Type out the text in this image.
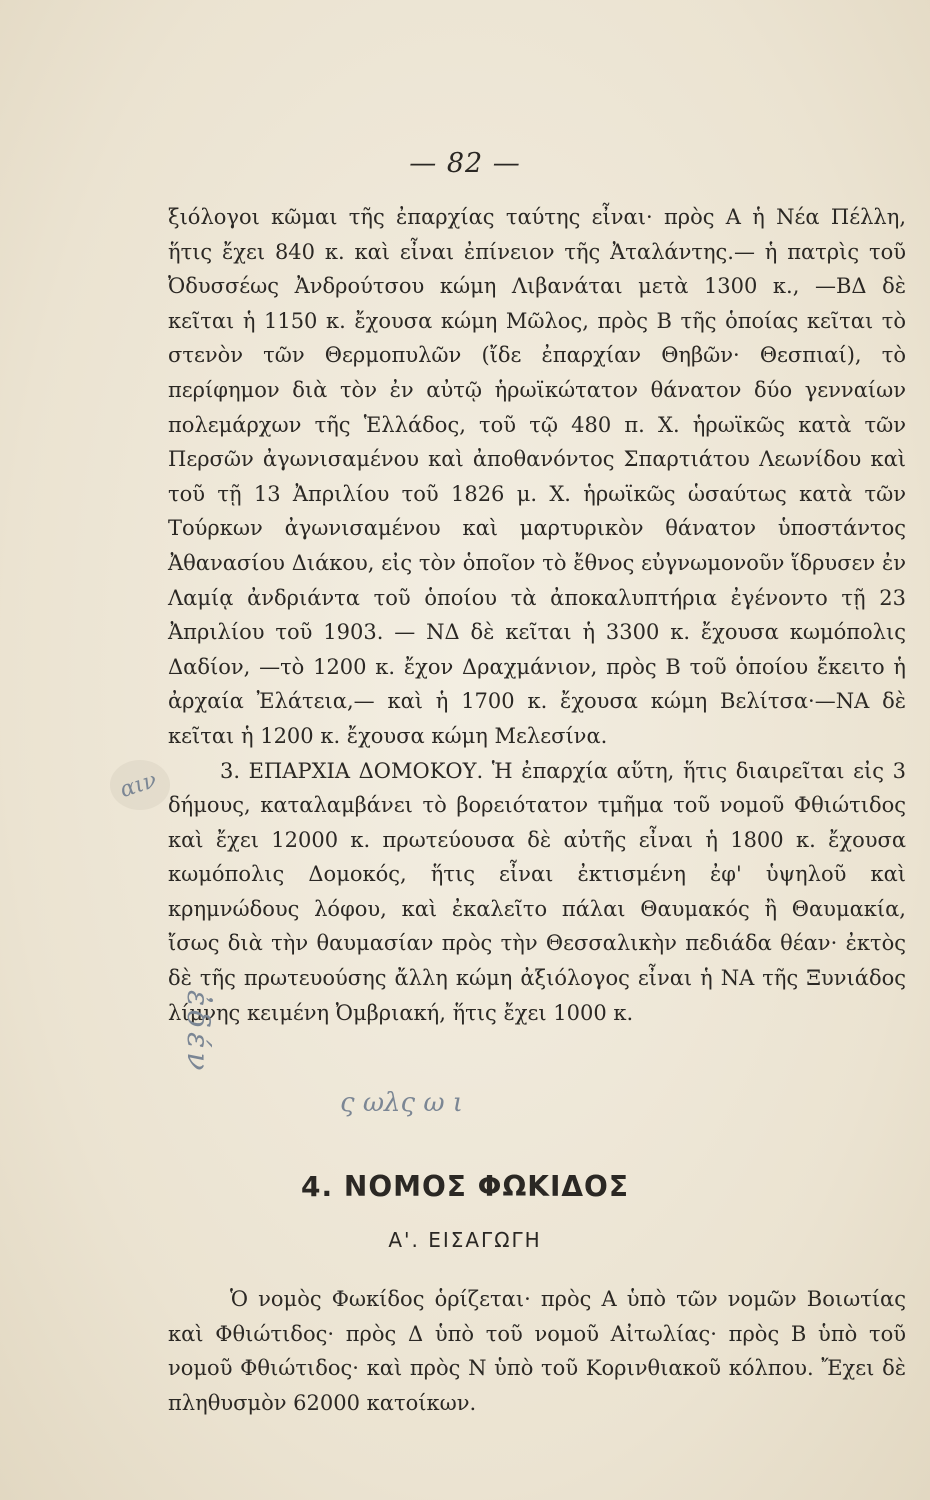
— 82 —

ξιόλογοι κῶμαι τῆς ἐπαρχίας ταύτης εἶναι· πρὸς Α ἡ Νέα Πέλλη, ἥτις ἔχει 840 κ. καὶ εἶναι ἐπίνειον τῆς Ἀταλάντης.— ἡ πατρὶς τοῦ Ὀδυσσέως Ἀνδρούτσου κώμη Λιβανάται μετὰ 1300 κ., —ΒΔ δὲ κεῖται ἡ 1150 κ. ἔχουσα κώμη Μῶλος, πρὸς Β τῆς ὁποίας κεῖται τὸ στενὸν τῶν Θερμοπυλῶν (ἴδε ἐπαρχίαν Θηβῶν· Θεσπιαί), τὸ περίφημον διὰ τὸν ἐν αὐτῷ ἡρωϊκώτατον θάνατον δύο γενναίων πολεμάρχων τῆς Ἑλλάδος, τοῦ τῷ 480 π. Χ. ἡρωϊκῶς κατὰ τῶν Περσῶν ἀγωνισαμένου καὶ ἀποθανόντος Σπαρτιάτου Λεωνίδου καὶ τοῦ τῇ 13 Ἀπριλίου τοῦ 1826 μ. Χ. ἡρωϊκῶς ὡσαύτως κατὰ τῶν Τούρκων ἀγωνισαμένου καὶ μαρτυρικὸν θάνατον ὑποστάντος Ἀθανασίου Διάκου, εἰς τὸν ὁποῖον τὸ ἔθνος εὐγνωμονοῦν ἵδρυσεν ἐν Λαμίᾳ ἀνδριάντα τοῦ ὁποίου τὰ ἀποκαλυπτήρια ἐγένοντο τῇ 23 Ἀπριλίου τοῦ 1903. — ΝΔ δὲ κεῖται ἡ 3300 κ. ἔχουσα κωμόπολις Δαδίον, —τὸ 1200 κ. ἔχον Δραχμάνιον, πρὸς Β τοῦ ὁποίου ἔκειτο ἡ ἀρχαία Ἐλάτεια,— καὶ ἡ 1700 κ. ἔχουσα κώμη Βελίτσα·—ΝΑ δὲ κεῖται ἡ 1200 κ. ἔχουσα κώμη Μελεσίνα.

3. ΕΠΑΡΧΙΑ ΔΟΜΟΚΟΥ. Ἡ ἐπαρχία αὕτη, ἥτις διαιρεῖται εἰς 3 δήμους, καταλαμβάνει τὸ βορειότατον τμῆμα τοῦ νομοῦ Φθιώτιδος καὶ ἔχει 12000 κ. πρωτεύουσα δὲ αὐτῆς εἶναι ἡ 1800 κ. ἔχουσα κωμόπολις Δομοκός, ἥτις εἶναι ἐκτισμένη ἐφ' ὑψηλοῦ καὶ κρημνώδους λόφου, καὶ ἐκαλεῖτο πάλαι Θαυμακός ἢ Θαυμακία, ἴσως διὰ τὴν θαυμασίαν πρὸς τὴν Θεσσαλικὴν πεδιάδα θέαν· ἐκτὸς δὲ τῆς πρωτευούσης ἄλλη κώμη ἀξιόλογος εἶναι ἡ ΝΑ τῆς Ξυνιάδος λίμνης κειμένη Ὀμβριακή, ἥτις ἔχει 1000 κ.

αιν
ς ωλς ω ι
ἐδέν
4. ΝΟΜΟΣ ΦΩΚΙΔΟΣ
Α'. ΕΙΣΑΓΩΓΗ

Ὁ νομὸς Φωκίδος ὁρίζεται· πρὸς Α ὑπὸ τῶν νομῶν Βοιωτίας καὶ Φθιώτιδος· πρὸς Δ ὑπὸ τοῦ νομοῦ Αἰτωλίας· πρὸς Β ὑπὸ τοῦ νομοῦ Φθιώτιδος· καὶ πρὸς Ν ὑπὸ τοῦ Κορινθιακοῦ κόλπου. Ἔχει δὲ πληθυσμὸν 62000 κατοίκων.
